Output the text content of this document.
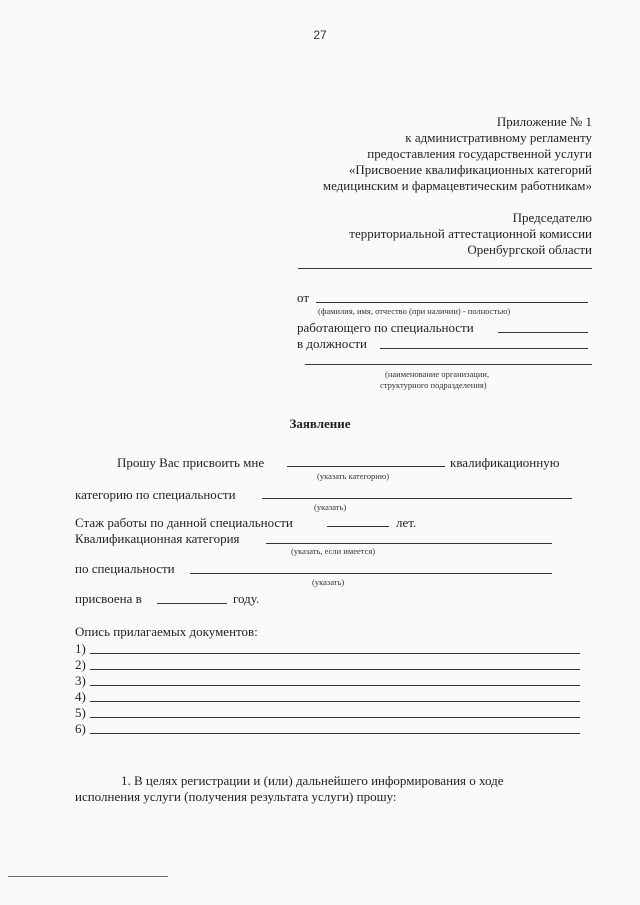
27
Приложение № 1
к административному регламенту
предоставления государственной услуги
«Присвоение квалификационных категорий
медицинским и фармацевтическим работникам»
Председателю
территориальной аттестационной комиссии
Оренбургской области
от
(фамилия, имя, отчество (при наличии) - полностью)
работающего по специальности
в должности
(наименование организации,
структурного подразделения)
Заявление
Прошу Вас присвоить мне	квалификационную
(указать категорию)
категорию по специальности
(указать)
Стаж работы по данной специальности	лет.
Квалификационная категория
(указать, если имеется)
по специальности
(указать)
присвоена в	году.
Опись прилагаемых документов:
1)
2)
3)
4)
5)
6)
1. В целях регистрации и (или) дальнейшего информирования о ходе
исполнения услуги (получения результата услуги) прошу:
